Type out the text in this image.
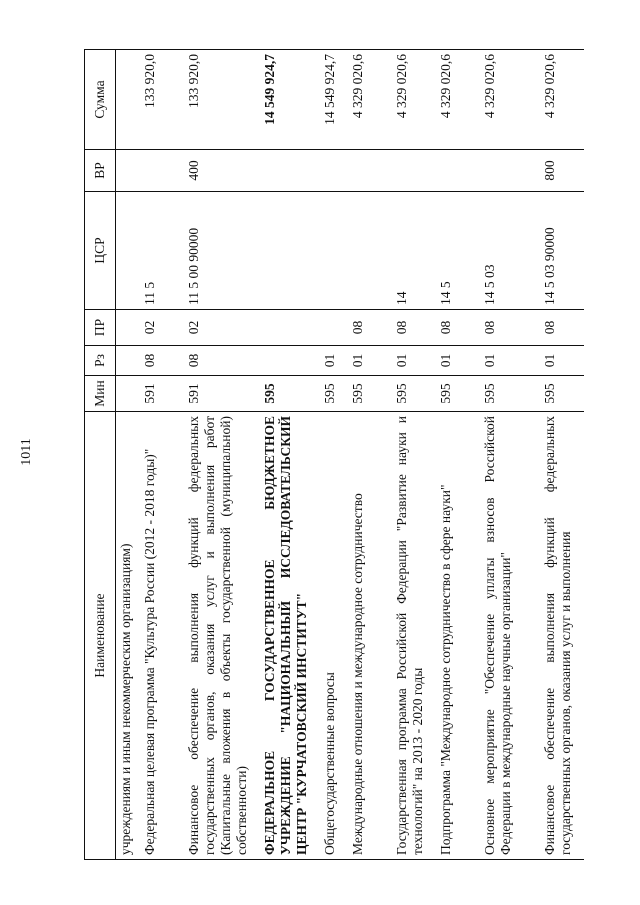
1011
Наименование	Мин	Рз	ПР	ЦСР	ВР	Сумма
учреждениям и иным некоммерческим организациям)						
Федеральная целевая программа "Культура России (2012 - 2018 годы)"	591	08	02	11 5		133 920,0
Финансовое обеспечение выполнения функций федеральных государственных органов, оказания услуг и выполнения работ (Капитальные вложения в объекты государственной (муниципальной) собственности)	591	08	02	11 5 00 90000	400	133 920,0
ФЕДЕРАЛЬНОЕ ГОСУДАРСТВЕННОЕ БЮДЖЕТНОЕ УЧРЕЖДЕНИЕ "НАЦИОНАЛЬНЫЙ ИССЛЕДОВАТЕЛЬСКИЙ ЦЕНТР "КУРЧАТОВСКИЙ ИНСТИТУТ"	595					14 549 924,7
Общегосударственные вопросы	595	01				14 549 924,7
Международные отношения и международное сотрудничество	595	01	08			4 329 020,6
Государственная программа Российской Федерации "Развитие науки и технологий" на 2013 - 2020 годы	595	01	08	14		4 329 020,6
Подпрограмма "Международное сотрудничество в сфере науки"	595	01	08	14 5		4 329 020,6
Основное мероприятие "Обеспечение уплаты взносов Российской Федерации в международные научные организации"	595	01	08	14 5 03		4 329 020,6
Финансовое обеспечение выполнения функций федеральных государственных органов, оказания услуг и выполнения	595	01	08	14 5 03 90000	800	4 329 020,6
